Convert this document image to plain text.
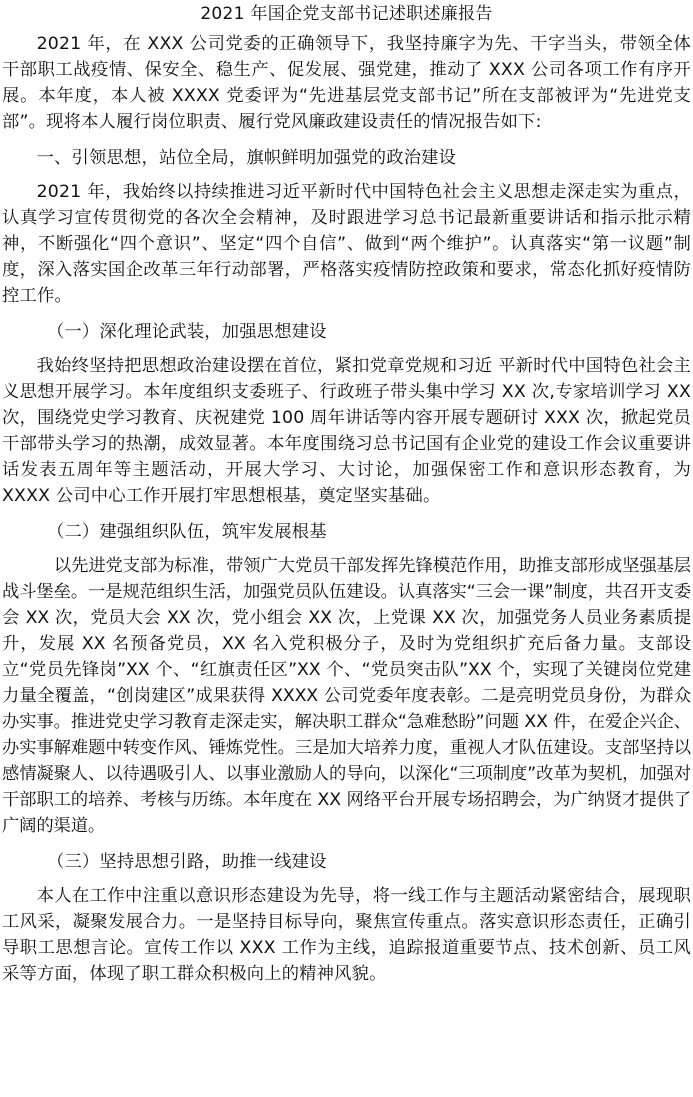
2021 年国企党支部书记述职述廉报告

2021 年，在 XXX 公司党委的正确领导下，我坚持廉字为先、干字当头，带领全体干部职工战疫情、保安全、稳生产、促发展、强党建，推动了 XXX 公司各项工作有序开展。本年度，本人被 XXXX 党委评为“先进基层党支部书记”所在支部被评为“先进党支部”。现将本人履行岗位职责、履行党风廉政建设责任的情况报告如下:

一、引领思想，站位全局，旗帜鲜明加强党的政治建设

2021 年，我始终以持续推进习近平新时代中国特色社会主义思想走深走实为重点，认真学习宣传贯彻党的各次全会精神，及时跟进学习总书记最新重要讲话和指示批示精神，不断强化“四个意识”、坚定“四个自信”、做到“两个维护”。认真落实“第一议题”制度，深入落实国企改革三年行动部署，严格落实疫情防控政策和要求，常态化抓好疫情防控工作。

（一）深化理论武装，加强思想建设

我始终坚持把思想政治建设摆在首位，紧扣党章党规和习近 平新时代中国特色社会主义思想开展学习。本年度组织支委班子、行政班子带头集中学习 XX 次,专家培训学习 XX 次，围绕党史学习教育、庆祝建党 100 周年讲话等内容开展专题研讨 XXX 次，掀起党员干部带头学习的热潮，成效显著。本年度围绕习总书记国有企业党的建设工作会议重要讲话发表五周年等主题活动，开展大学习、大讨论，加强保密工作和意识形态教育，为 XXXX 公司中心工作开展打牢思想根基，奠定坚实基础。

（二）建强组织队伍，筑牢发展根基

以先进党支部为标准，带领广大党员干部发挥先锋模范作用，助推支部形成坚强基层战斗堡垒。一是规范组织生活，加强党员队伍建设。认真落实“三会一课”制度，共召开支委会 XX 次，党员大会 XX 次，党小组会 XX 次，上党课 XX 次，加强党务人员业务素质提升，发展 XX 名预备党员，XX 名入党积极分子，及时为党组织扩充后备力量。支部设立“党员先锋岗”XX 个、“红旗责任区”XX 个、“党员突击队”XX 个，实现了关键岗位党建力量全覆盖，“创岗建区”成果获得 XXXX 公司党委年度表彰。二是亮明党员身份，为群众办实事。推进党史学习教育走深走实，解决职工群众“急难愁盼”问题 XX 件，在爱企兴企、办实事解难题中转变作风、锤炼党性。三是加大培养力度，重视人才队伍建设。支部坚持以感情凝聚人、以待遇吸引人、以事业激励人的导向，以深化“三项制度”改革为契机，加强对干部职工的培养、考核与历练。本年度在 XX 网络平台开展专场招聘会，为广纳贤才提供了广阔的渠道。

（三）坚持思想引路，助推一线建设

本人在工作中注重以意识形态建设为先导，将一线工作与主题活动紧密结合，展现职工风采，凝聚发展合力。一是坚持目标导向，聚焦宣传重点。落实意识形态责任，正确引导职工思想言论。宣传工作以 XXX 工作为主线，追踪报道重要节点、技术创新、员工风采等方面，体现了职工群众积极向上的精神风貌。
